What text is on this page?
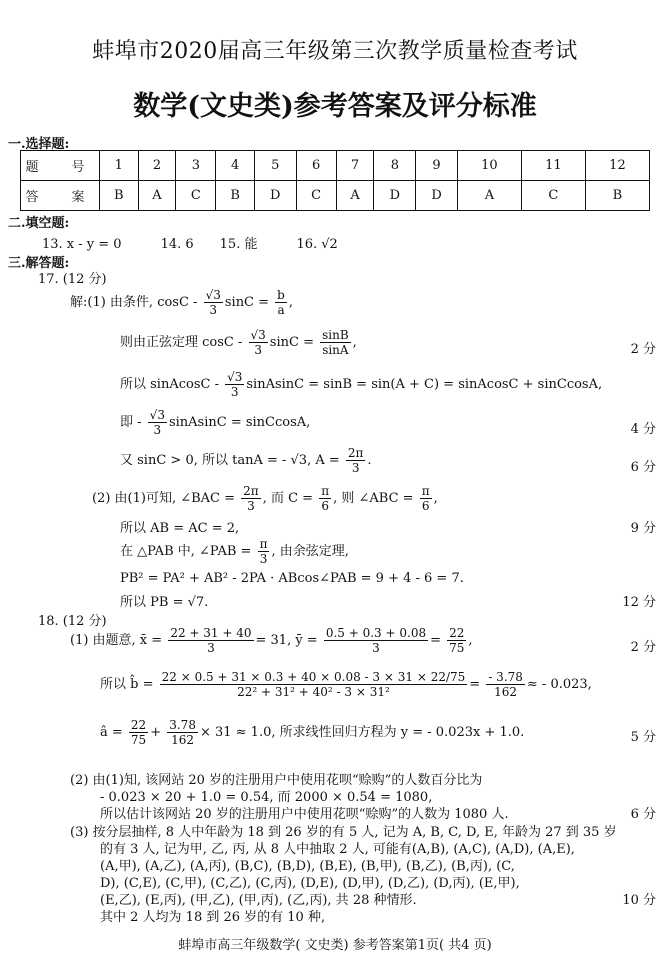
蚌埠市2020届高三年级第三次教学质量检查考试
数学(文史类)参考答案及评分标准
一.选择题:
题　号	1	2	3	4	5	6	7	8	9	10	11	12
答　案	B	A	C	B	D	C	A	D	D	A	C	B
二.填空题:
13. x - y = 0　　　14. 6　　15. 能　　　16. √2
三.解答题:
17. (12 分)
解:(1) 由条件, cosC - $\frac{√3}{3}$ $\sin C = \frac{b}{a}$ ,
则由正弦定理 cosC - $\frac{√3}{3}$ $\sin C = \frac{\sin B}{\sin A}$ ,	2 分
所以 sinAcosC - $\frac{√3}{3}$ sinAsinC = sinB = sin(A + C) = sinAcosC + sinCcosA,
即 - $\frac{√3}{3}$ sinAsinC = sinCcosA,	4 分
又 sinC > 0, 所以 tanA = - √3, $A = \frac{2\pi}{3}$ .	6 分
(2) 由(1)可知, ∠BAC = $\frac{2\pi}{3}$ , 而 $C = \frac{\pi}{6}$ , 则 ∠ABC = $\frac{\pi}{6}$ ,
所以 AB = AC = 2,	9 分
在 △PAB 中, ∠PAB = $\frac{\pi}{3}$ , 由余弦定理,
PB² = PA² + AB² - 2PA · ABcos∠PAB = 9 + 4 - 6 = 7.
所以 PB = √7.	12 分
18. (12 分)
(1) 由题意, x̄ = $\frac{22 + 31 + 40}{3} = 31$, ȳ = $\frac{0.5 + 0.3 + 0.08}{3} = \frac{22}{75}$ ,	2 分
所以 b̂ = $\frac{22 \times 0.5 + 31 \times 0.3 + 40 \times 0.08 - 3 \times 31 \times 22/75}{\text{22² + 31² + 40² - 3 × 31²}} = \frac{- 3.78}{162}$ ≈ - 0.023,
â = $\frac{22}{75} + \frac{3.78}{162} \times 31 \approx 1.0$, 所求线性回归方程为 y = - 0.023x + 1.0.	5 分
(2) 由(1)知, 该网站 20 岁的注册用户中使用花呗“赊购”的人数百分比为
- 0.023 × 20 + 1.0 = 0.54, 而 2000 × 0.54 = 1080,
所以估计该网站 20 岁的注册用户中使用花呗“赊购”的人数为 1080 人.	6 分
(3) 按分层抽样, 8 人中年龄为 18 到 26 岁的有 5 人, 记为 A, B, C, D, E, 年龄为 27 到 35 岁
的有 3 人, 记为甲, 乙, 丙, 从 8 人中抽取 2 人, 可能有(A,B), (A,C), (A,D), (A,E),
(A,甲), (A,乙), (A,丙), (B,C), (B,D), (B,E), (B,甲), (B,乙), (B,丙), (C,
D), (C,E), (C,甲), (C,乙), (C,丙), (D,E), (D,甲), (D,乙), (D,丙), (E,甲),
(E,乙), (E,丙), (甲,乙), (甲,丙), (乙,丙), 共 28 种情形.	10 分
其中 2 人均为 18 到 26 岁的有 10 种,
蚌埠市高三年级数学( 文史类) 参考答案第1页( 共4 页)
